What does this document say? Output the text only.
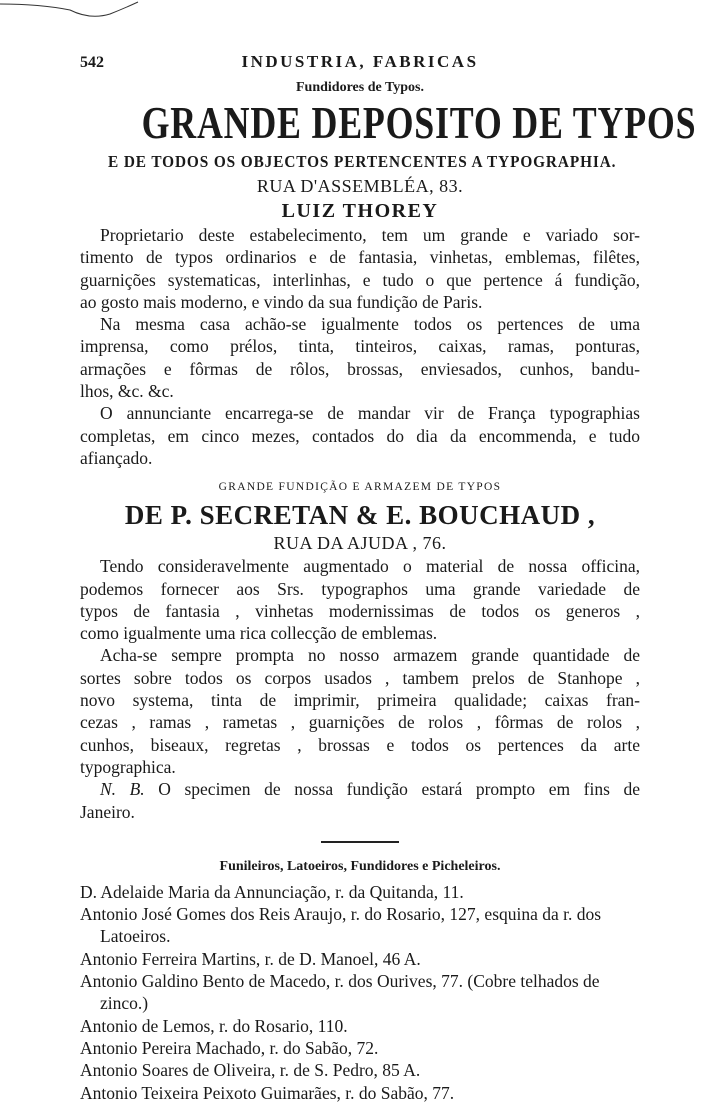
542	INDUSTRIA, FABRICAS
Fundidores de Typos.
GRANDE DEPOSITO DE TYPOS
E DE TODOS OS OBJECTOS PERTENCENTES A TYPOGRAPHIA.
RUA D'ASSEMBLÉA, 83.
LUIZ THOREY
Proprietario deste estabelecimento, tem um grande e variado sor-
timento de typos ordinarios e de fantasia, vinhetas, emblemas, filêtes,
guarnições systematicas, interlinhas, e tudo o que pertence á fundição,
ao gosto mais moderno, e vindo da sua fundição de Paris.
Na mesma casa achão-se igualmente todos os pertences de uma
imprensa, como prélos, tinta, tinteiros, caixas, ramas, ponturas,
armações e fôrmas de rôlos, brossas, enviesados, cunhos, bandu-
lhos, &c. &c.
O annunciante encarrega-se de mandar vir de França typographias
completas, em cinco mezes, contados do dia da encommenda, e tudo
afiançado.
GRANDE FUNDIÇÃO E ARMAZEM DE TYPOS
DE P. SECRETAN & E. BOUCHAUD ,
RUA DA AJUDA , 76.
Tendo consideravelmente augmentado o material de nossa officina,
podemos fornecer aos Srs. typographos uma grande variedade de
typos de fantasia , vinhetas modernissimas de todos os generos ,
como igualmente uma rica collecção de emblemas.
Acha-se sempre prompta no nosso armazem grande quantidade de
sortes sobre todos os corpos usados , tambem prelos de Stanhope ,
novo systema, tinta de imprimir, primeira qualidade; caixas fran-
cezas , ramas , rametas , guarnições de rolos , fôrmas de rolos ,
cunhos, biseaux, regretas , brossas e todos os pertences da arte
typographica.
N. B. O specimen de nossa fundição estará prompto em fins de
Janeiro.
Funileiros, Latoeiros, Fundidores e Picheleiros.
D. Adelaide Maria da Annunciação, r. da Quitanda, 11.
Antonio José Gomes dos Reis Araujo, r. do Rosario, 127, esquina da r. dos Latoeiros.
Antonio Ferreira Martins, r. de D. Manoel, 46 A.
Antonio Galdino Bento de Macedo, r. dos Ourives, 77. (Cobre telhados de zinco.)
Antonio de Lemos, r. do Rosario, 110.
Antonio Pereira Machado, r. do Sabão, 72.
Antonio Soares de Oliveira, r. de S. Pedro, 85 A.
Antonio Teixeira Peixoto Guimarães, r. do Sabão, 77.
